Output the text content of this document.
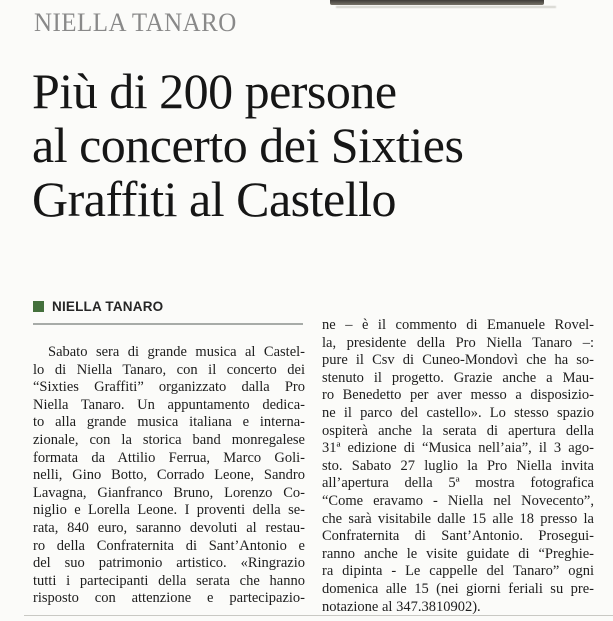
NIELLA TANARO
Più di 200 persone
al concerto dei Sixties
Graffiti al Castello
NIELLA TANARO
Sabato sera di grande musica al Castel-
lo di Niella Tanaro, con il concerto dei
“Sixties Graffiti” organizzato dalla Pro
Niella Tanaro. Un appuntamento dedica-
to alla grande musica italiana e interna-
zionale, con la storica band monregalese
formata da Attilio Ferrua, Marco Goli-
nelli, Gino Botto, Corrado Leone, Sandro
Lavagna, Gianfranco Bruno, Lorenzo Co-
niglio e Lorella Leone. I proventi della se-
rata, 840 euro, saranno devoluti al restau-
ro della Confraternita di Sant’Antonio e
del suo patrimonio artistico. «Ringrazio
tutti i partecipanti della serata che hanno
risposto con attenzione e partecipazio-
ne – è il commento di Emanuele Rovel-
la, presidente della Pro Niella Tanaro –:
pure il Csv di Cuneo-Mondovì che ha so-
stenuto il progetto. Grazie anche a Mau-
ro Benedetto per aver messo a disposizio-
ne il parco del castello». Lo stesso spazio
ospiterà anche la serata di apertura della
31ª edizione di “Musica nell’aia”, il 3 ago-
sto. Sabato 27 luglio la Pro Niella invita
all’apertura della 5ª mostra fotografica
“Come eravamo - Niella nel Novecento”,
che sarà visitabile dalle 15 alle 18 presso la
Confraternita di Sant’Antonio. Prosegui-
ranno anche le visite guidate di “Preghie-
ra dipinta - Le cappelle del Tanaro” ogni
domenica alle 15 (nei giorni feriali su pre-
notazione al 347.3810902).
